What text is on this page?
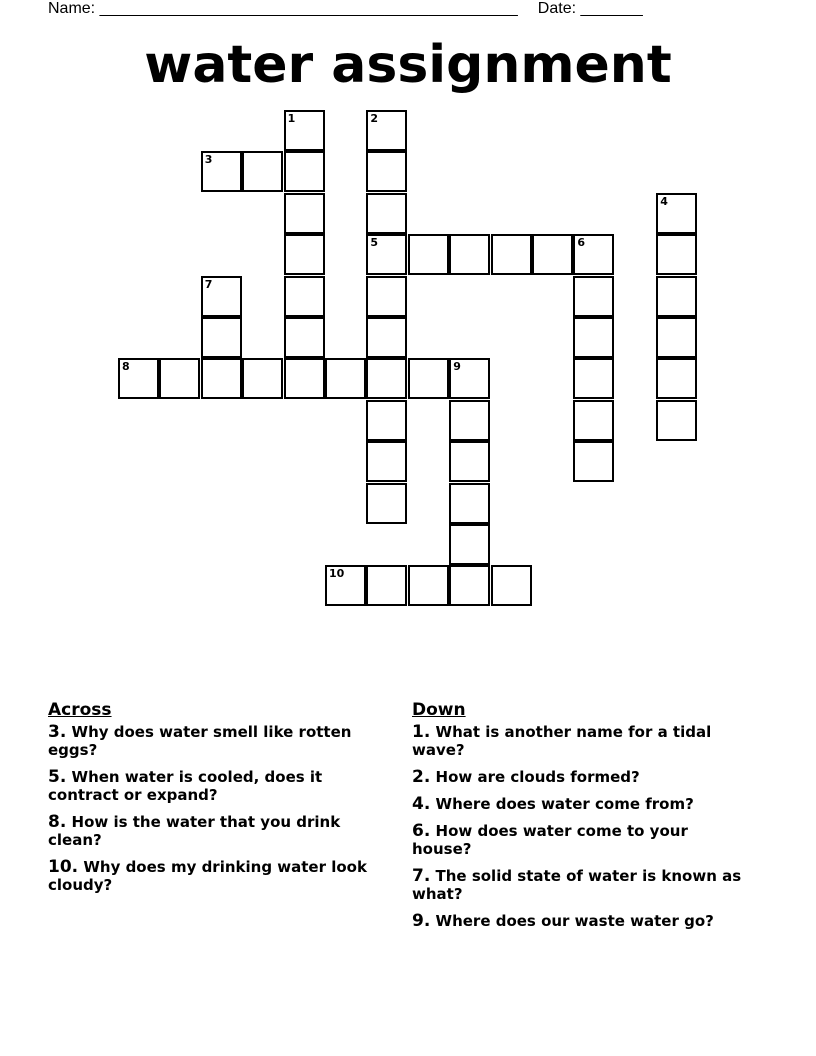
Name: _______________________________________________ Date: _______
water assignment
1	2
5
3
4
6
7
8	9
10
Across
3. Why does water smell like rotten eggs?
5. When water is cooled, does it contract or expand?
8. How is the water that you drink clean?
10. Why does my drinking water look cloudy?
Down
1. What is another name for a tidal wave?
2. How are clouds formed?
4. Where does water come from?
6. How does water come to your house?
7. The solid state of water is known as what?
9. Where does our waste water go?
